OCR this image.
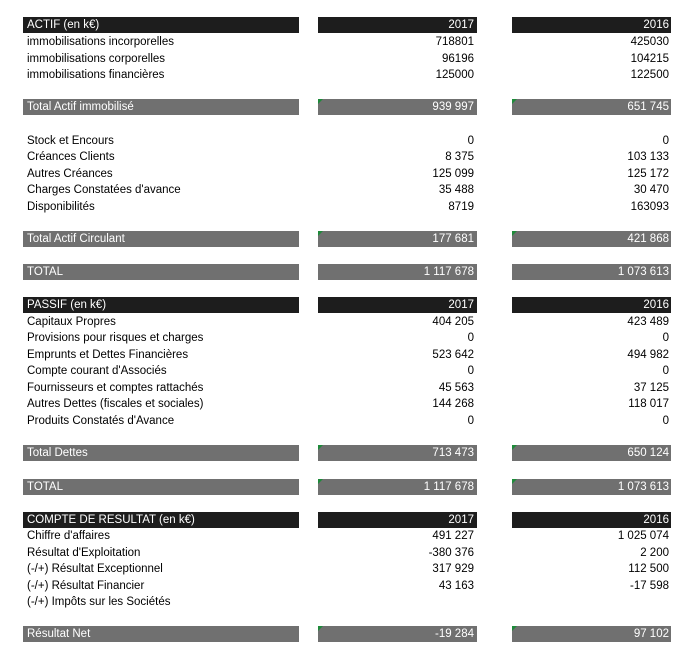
ACTIF (en k€)	2017	2016
immobilisations incorporelles	718801	425030
immobilisations corporelles	96196	104215
immobilisations financières	125000	122500
Total Actif immobilisé	939 997	651 745
Stock et Encours	0	0
Créances Clients	8 375	103 133
Autres Créances	125 099	125 172
Charges Constatées d'avance	35 488	30 470
Disponibilités	8719	163093
Total Actif Circulant	177 681	421 868
TOTAL	1 117 678	1 073 613
PASSIF (en k€)	2017	2016
Capitaux Propres	404 205	423 489
Provisions pour risques et charges	0	0
Emprunts et Dettes Financières	523 642	494 982
Compte courant d'Associés	0	0
Fournisseurs et comptes rattachés	45 563	37 125
Autres Dettes (fiscales et sociales)	144 268	118 017
Produits Constatés d'Avance	0	0
Total Dettes	713 473	650 124
TOTAL	1 117 678	1 073 613
COMPTE DE RESULTAT (en k€)	2017	2016
Chiffre d'affaires	491 227	1 025 074
Résultat d'Exploitation	-380 376	2 200
(-/+) Résultat Exceptionnel	317 929	112 500
(-/+) Résultat Financier	43 163	-17 598
(-/+) Impôts sur les Sociétés
Résultat Net	-19 284	97 102
